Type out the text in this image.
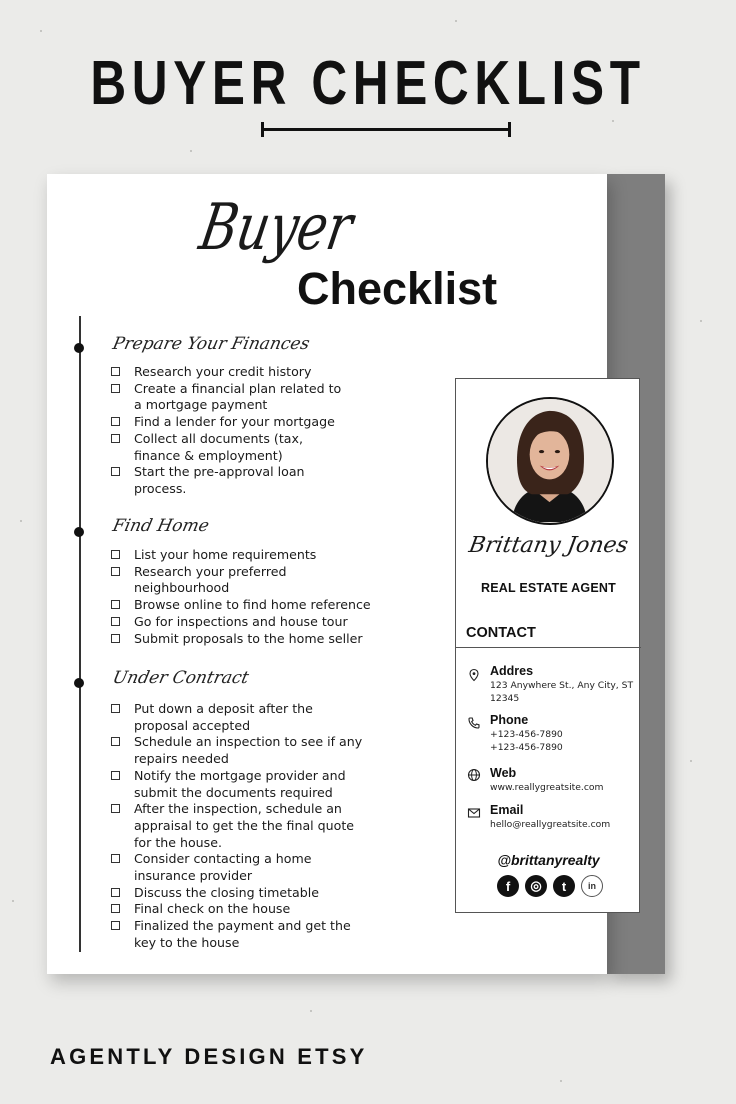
BUYER CHECKLIST
Buyer
Checklist
Prepare Your Finances
Research your credit history
Create a financial plan related to
a mortgage payment
Find a lender for your mortgage
Collect all documents (tax,
finance & employment)
Start the pre-approval loan
process.
Find Home
List your home requirements
Research your preferred
neighbourhood
Browse online to find home reference
Go for inspections and house tour
Submit proposals to the home seller
Under Contract
Put down a deposit after the
proposal accepted
Schedule an inspection to see if any
repairs needed
Notify the mortgage provider and
submit the documents required
After the inspection, schedule an
appraisal to get the the final quote
for the house.
Consider contacting a home
insurance provider
Discuss the closing timetable
Final check on the house
Finalized the payment and get the
key to the house
Brittany Jones
REAL ESTATE AGENT
CONTACT
Addres
123 Anywhere St., Any City, ST
12345
Phone
+123-456-7890
+123-456-7890
Web
www.reallygreatsite.com
Email
hello@reallygreatsite.com
@brittanyrealty
f	◎	t	in
AGENTLY DESIGN ETSY
